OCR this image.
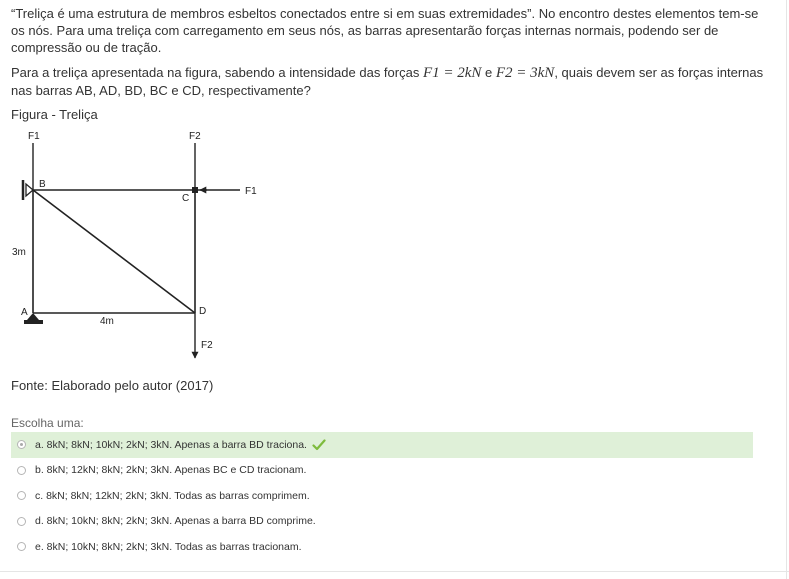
“Treliça é uma estrutura de membros esbeltos conectados entre si em suas extremidades”. No encontro destes elementos tem-se os nós. Para uma treliça com carregamento em seus nós, as barras apresentarão forças internas normais, podendo ser de compressão ou de tração.

Para a treliça apresentada na figura, sabendo a intensidade das forças F1 = 2kN e F2 = 3kN, quais devem ser as forças internas nas barras AB, AD, BD, BC e CD, respectivamente?

Figura - Treliça
F1	F2
B
C
F1
3m
A	D
4m
F2
Fonte: Elaborado pelo autor (2017)
Escolha uma:
a. 8kN; 8kN; 10kN; 2kN; 3kN. Apenas a barra BD traciona.
b. 8kN; 12kN; 8kN; 2kN; 3kN. Apenas BC e CD tracionam.
c. 8kN; 8kN; 12kN; 2kN; 3kN. Todas as barras comprimem.
d. 8kN; 10kN; 8kN; 2kN; 3kN. Apenas a barra BD comprime.
e. 8kN; 10kN; 8kN; 2kN; 3kN. Todas as barras tracionam.
